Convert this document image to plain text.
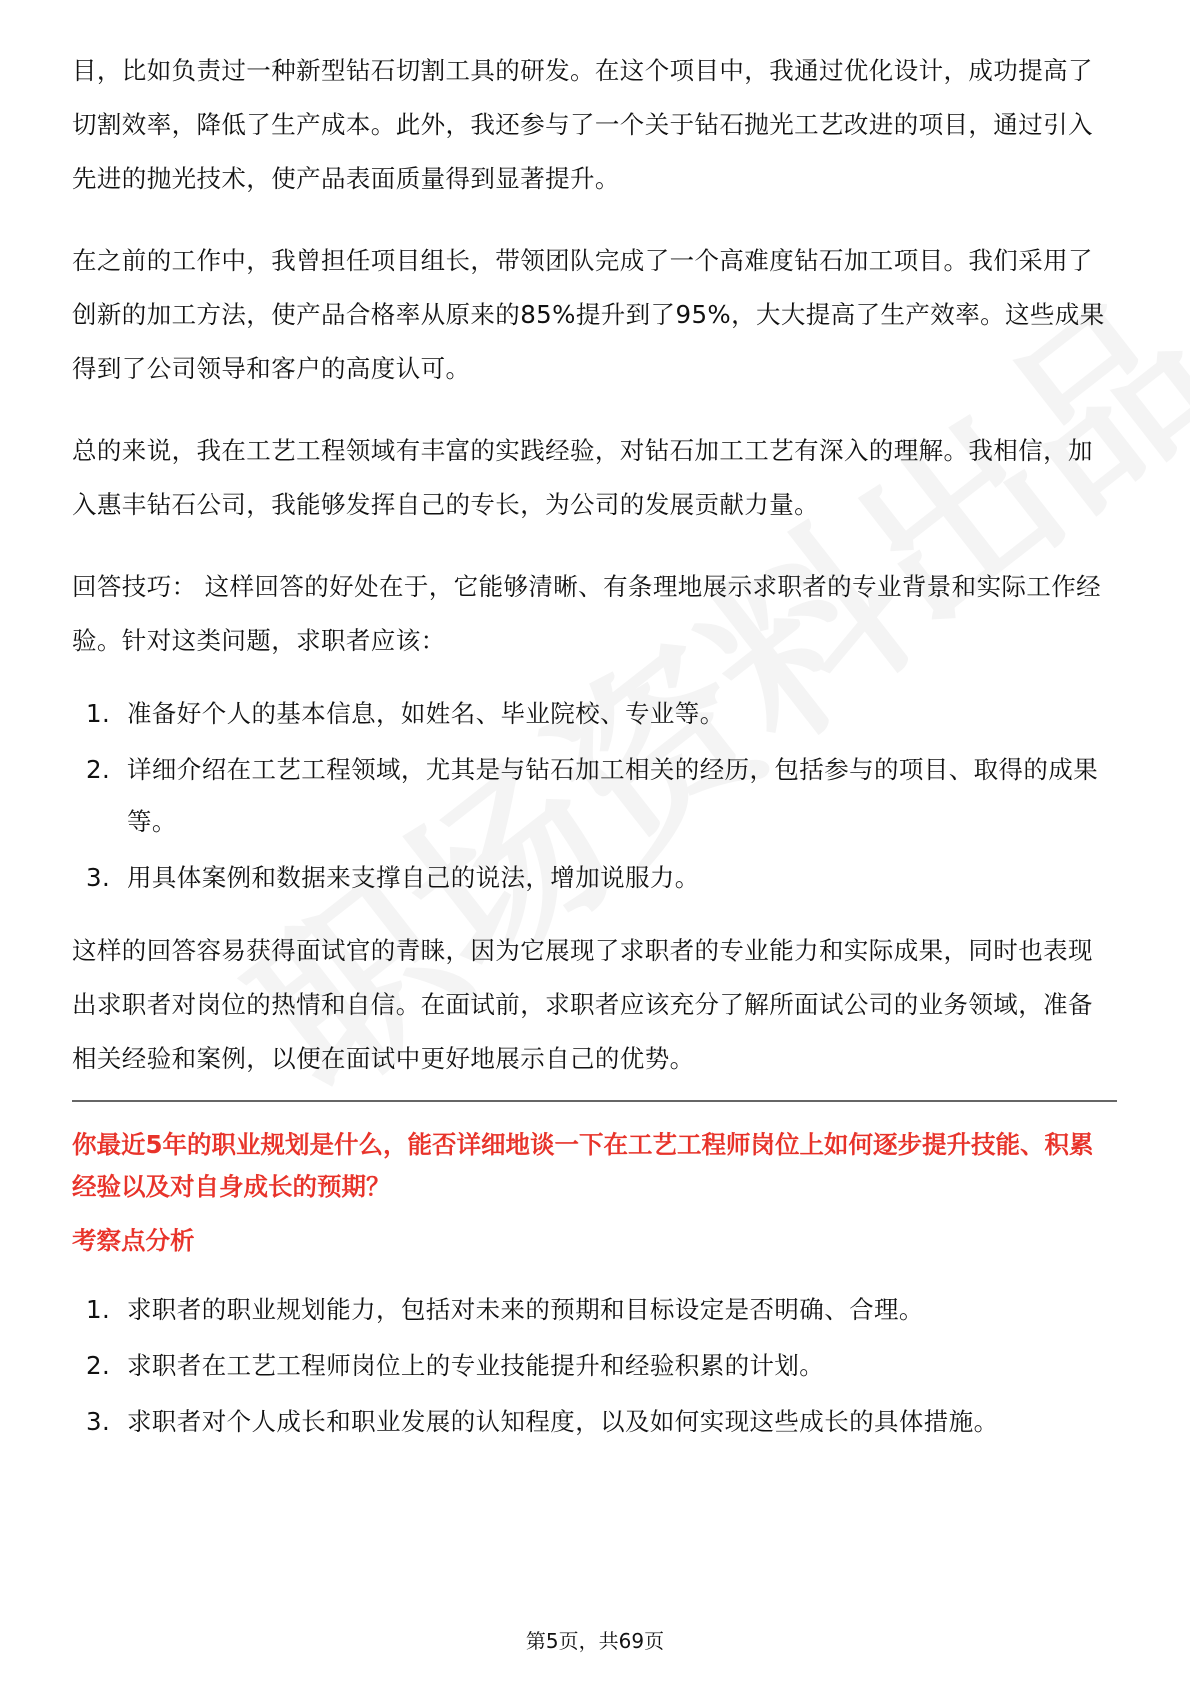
目，比如负责过一种新型钻石切割工具的研发。在这个项目中，我通过优化设计，成功提高了切割效率，降低了生产成本。此外，我还参与了一个关于钻石抛光工艺改进的项目，通过引入先进的抛光技术，使产品表面质量得到显著提升。

在之前的工作中，我曾担任项目组长，带领团队完成了一个高难度钻石加工项目。我们采用了创新的加工方法，使产品合格率从原来的85%提升到了95%，大大提高了生产效率。这些成果得到了公司领导和客户的高度认可。

总的来说，我在工艺工程领域有丰富的实践经验，对钻石加工工艺有深入的理解。我相信，加入惠丰钻石公司，我能够发挥自己的专长，为公司的发展贡献力量。

回答技巧： 这样回答的好处在于，它能够清晰、有条理地展示求职者的专业背景和实际工作经验。针对这类问题，求职者应该：

1. 准备好个人的基本信息，如姓名、毕业院校、专业等。
2. 详细介绍在工艺工程领域，尤其是与钻石加工相关的经历，包括参与的项目、取得的成果等。
3. 用具体案例和数据来支撑自己的说法，增加说服力。

这样的回答容易获得面试官的青睐，因为它展现了求职者的专业能力和实际成果，同时也表现出求职者对岗位的热情和自信。在面试前，求职者应该充分了解所面试公司的业务领域，准备相关经验和案例，以便在面试中更好地展示自己的优势。

你最近5年的职业规划是什么，能否详细地谈一下在工艺工程师岗位上如何逐步提升技能、积累经验以及对自身成长的预期？
考察点分析
1. 求职者的职业规划能力，包括对未来的预期和目标设定是否明确、合理。
2. 求职者在工艺工程师岗位上的专业技能提升和经验积累的计划。
3. 求职者对个人成长和职业发展的认知程度，以及如何实现这些成长的具体措施。
第5页，共69页
